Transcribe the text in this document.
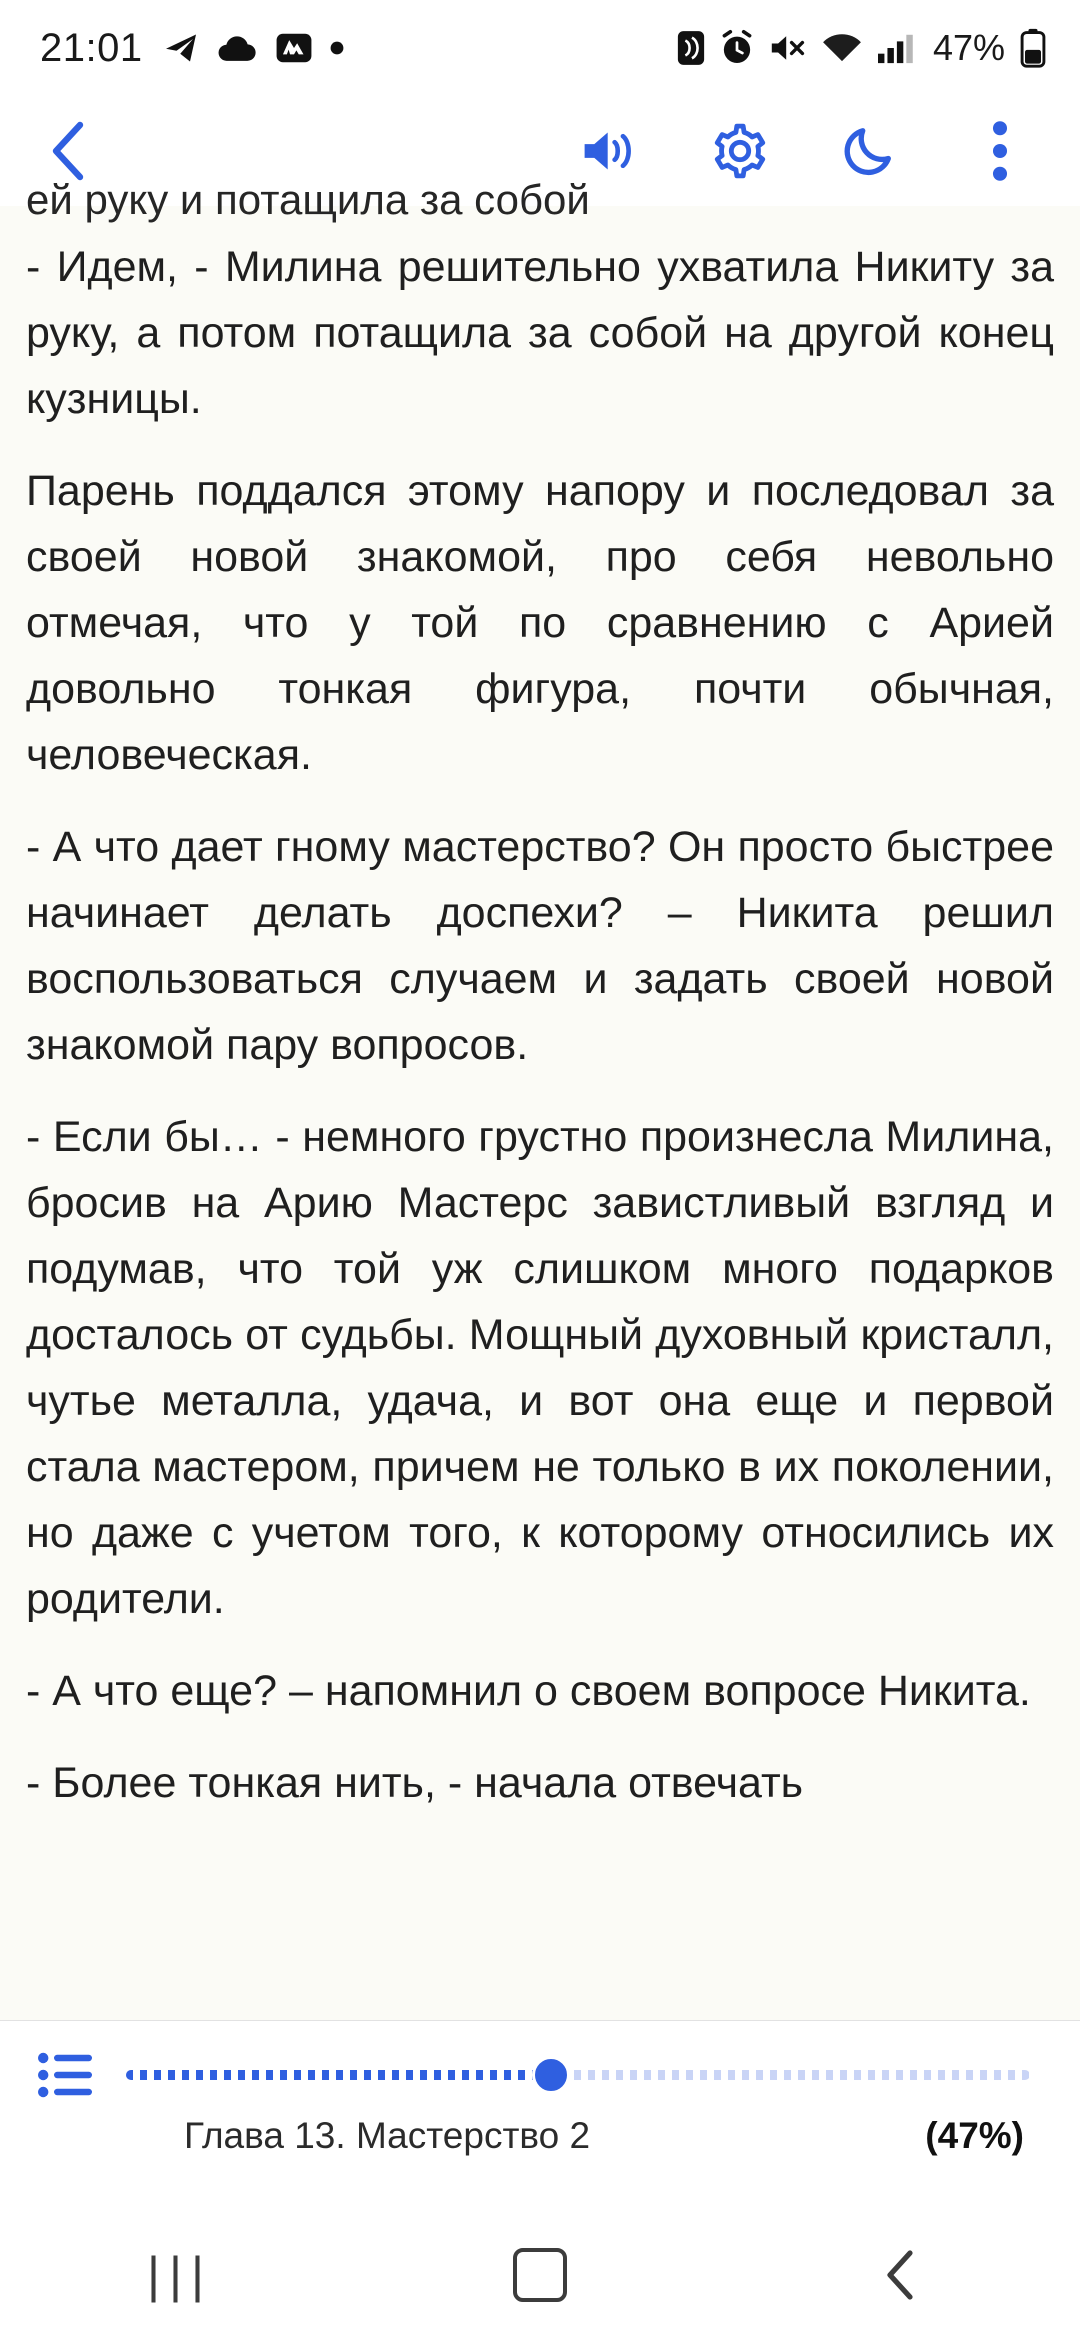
21:01	47%

ей руку и потащила за собой

- Идем, - Милина решительно ухватила Никиту за руку, а потом потащила за собой на другой конец кузницы.

Парень поддался этому напору и последовал за своей новой знакомой, про себя невольно отмечая, что у той по сравнению с Арией довольно тонкая фигура, почти обычная, человеческая.

- А что дает гному мастерство? Он просто быстрее начинает делать доспехи? – Никита решил воспользоваться случаем и задать своей новой знакомой пару вопросов.

- Если бы… - немного грустно произнесла Милина, бросив на Арию Мастерс завистливый взгляд и подумав, что той уж слишком много подарков досталось от судьбы. Мощный духовный кристалл, чутье металла, удача, и вот она еще и первой стала мастером, причем не только в их поколении, но даже с учетом того, к которому относились их родители.

- А что еще? – напомнил о своем вопросе Никита.

- Более тонкая нить, - начала отвечать

Глава 13. Мастерство 2	(47%)
|||
